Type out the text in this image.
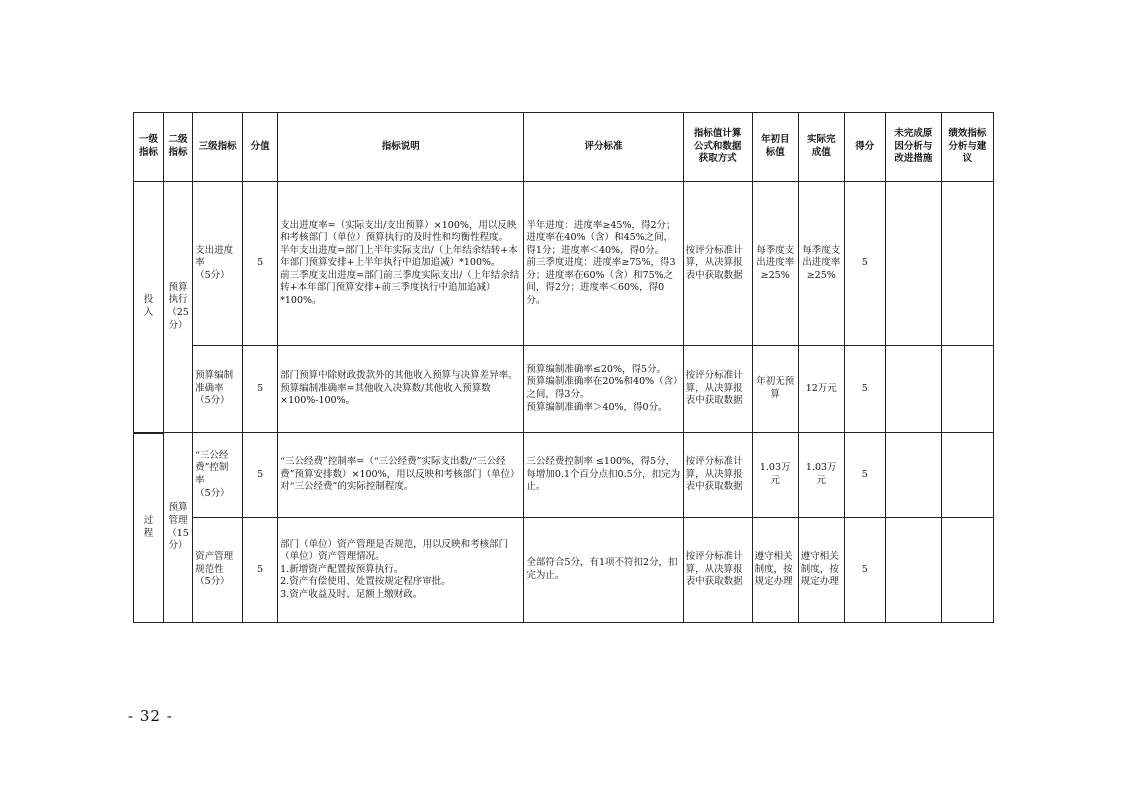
一级
指标	二级
指标	三级指标	分值	指标说明	评分标准	指标值计算
公式和数据
获取方式	年初目
标值	实际完
成值	得分	未完成原
因分析与
改进措施	绩效指标
分析与建
议
投
入	预算
执行
（25
分）	支出进度
率
（5分）	5	支出进度率=（实际支出/支出预算）×100%，用以反映和考核部门（单位）预算执行的及时性和均衡性程度。
半年支出进度=部门上半年实际支出/（上年结余结转+本年部门预算安排+上半年执行中追加追减）*100%。
前三季度支出进度=部门前三季度实际支出/（上年结余结转+本年部门预算安排+前三季度执行中追加追减）*100%。	半年进度：进度率≥45%，得2分；进度率在40%（含）和45%之间，得1分；进度率＜40%，得0分。
前三季度进度：进度率≥75%，得3分；进度率在60%（含）和75%之间，得2分；进度率＜60%，得0分。	按评分标准计算，从决算报表中获取数据	每季度支出进度率≥25%	每季度支出进度率≥25%	5		
		预算编制
准确率
（5分）	5	部门预算中除财政拨款外的其他收入预算与决算差异率。
预算编制准确率=其他收入决算数/其他收入预算数×100%-100%。	预算编制准确率≤20%，得5分。
预算编制准确率在20%和40%（含）之间，得3分。
预算编制准确率＞40%，得0分。	按评分标准计算，从决算报表中获取数据	年初无预算	12万元	5		
过
程	预算
管理
（15
分）	“三公经
费”控制
率
（5分）	5	“三公经费”控制率=（“三公经费”实际支出数/“三公经费”预算安排数）×100%，用以反映和考核部门（单位）对“三公经费”的实际控制程度。	三公经费控制率 ≤100%，得5分，每增加0.1个百分点扣0.5分，扣完为止。	按评分标准计算，从决算报表中获取数据	1.03万
元	1.03万
元	5		
		资产管理
规范性
（5分）	5	部门（单位）资产管理是否规范，用以反映和考核部门（单位）资产管理情况。
1.新增资产配置按预算执行。
2.资产有偿使用、处置按规定程序审批。
3.资产收益及时、足额上缴财政。	全部符合5分，有1项不符扣2分，扣完为止。	按评分标准计算，从决算报表中获取数据	遵守相关制度，按规定办理	遵守相关制度，按规定办理	5		
- 32 -
